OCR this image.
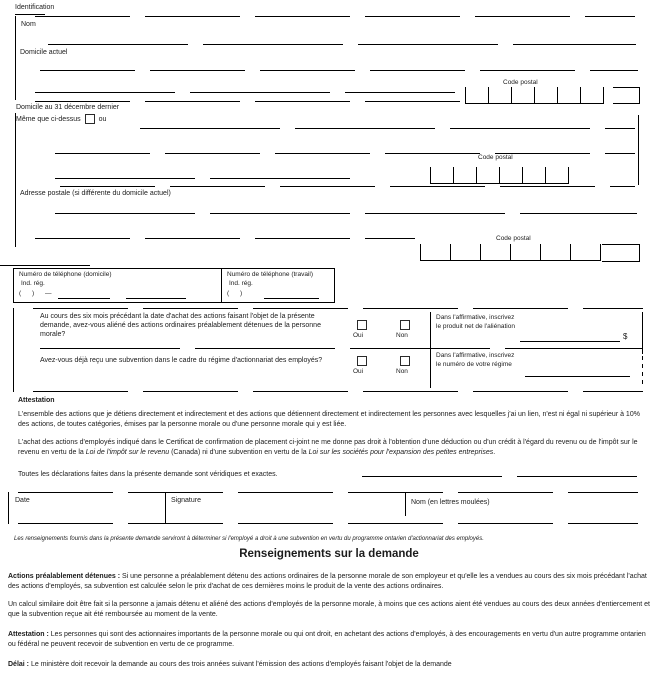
Identification
Nom
Domicile actuel
Code postal
Domicile au 31 décembre dernier
Même que ci-dessus	ou
Code postal
Adresse postale (si différente du domicile actuel)
Code postal
Numéro de téléphone (domicile)
Ind. rég.
(      )      —
Numéro de téléphone (travail)
Ind. rég.
(      )
Au cours des six mois précédant la date d'achat des actions faisant l'objet de la présente demande, avez-vous aliéné des actions ordinaires préalablement détenues de la personne morale?	Oui	Non
Dans l'affirmative, inscrivez le produit net de l'aliénation
$
Avez-vous déjà reçu une subvention dans le cadre du régime d'actionnariat des employés?
Oui	Non
Dans l'affirmative, inscrivez le numéro de votre régime
Attestation
L'ensemble des actions que je détiens directement et indirectement et des actions que détiennent directement et indirectement les personnes avec lesquelles j'ai un lien, n'est ni égal ni supérieur à 10% des actions, de toutes catégories, émises par la personne morale ou d'une personne morale qui y est liée.
L'achat des actions d'employés indiqué dans le Certificat de confirmation de placement ci-joint ne me donne pas droit à l'obtention d'une déduction ou d'un crédit à l'égard du revenu ou de l'impôt sur le revenu en vertu de la Loi de l'impôt sur le revenu (Canada) ni d'une subvention en vertu de la Loi sur les sociétés pour l'expansion des petites entreprises.
Toutes les déclarations faites dans la présente demande sont véridiques et exactes.
Date	Signature	Nom (en lettres moulées)
Les renseignements fournis dans la présente demande serviront à déterminer si l'employé a droit à une subvention en vertu du programme ontarien d'actionnariat des employés.
Renseignements sur la demande
Actions préalablement détenues : Si une personne a préalablement détenu des actions ordinaires de la personne morale de son employeur et qu'elle les a vendues au cours des six mois précédant l'achat des actions d'employés, sa subvention est calculée selon le prix d'achat de ces dernières moins le produit de la vente des actions ordinaires.
Un calcul similaire doit être fait si la personne a jamais détenu et aliéné des actions d'employés de la personne morale, à moins que ces actions aient été vendues au cours des deux années d'entiercement et que la subvention reçue ait été remboursée au moment de la vente.
Attestation : Les personnes qui sont des actionnaires importants de la personne morale ou qui ont droit, en achetant des actions d'employés, à des encouragements en vertu d'un autre programme ontarien ou fédéral ne peuvent recevoir de subvention en vertu de ce programme.
Délai : Le ministère doit recevoir la demande au cours des trois années suivant l'émission des actions d'employés faisant l'objet de la demande
